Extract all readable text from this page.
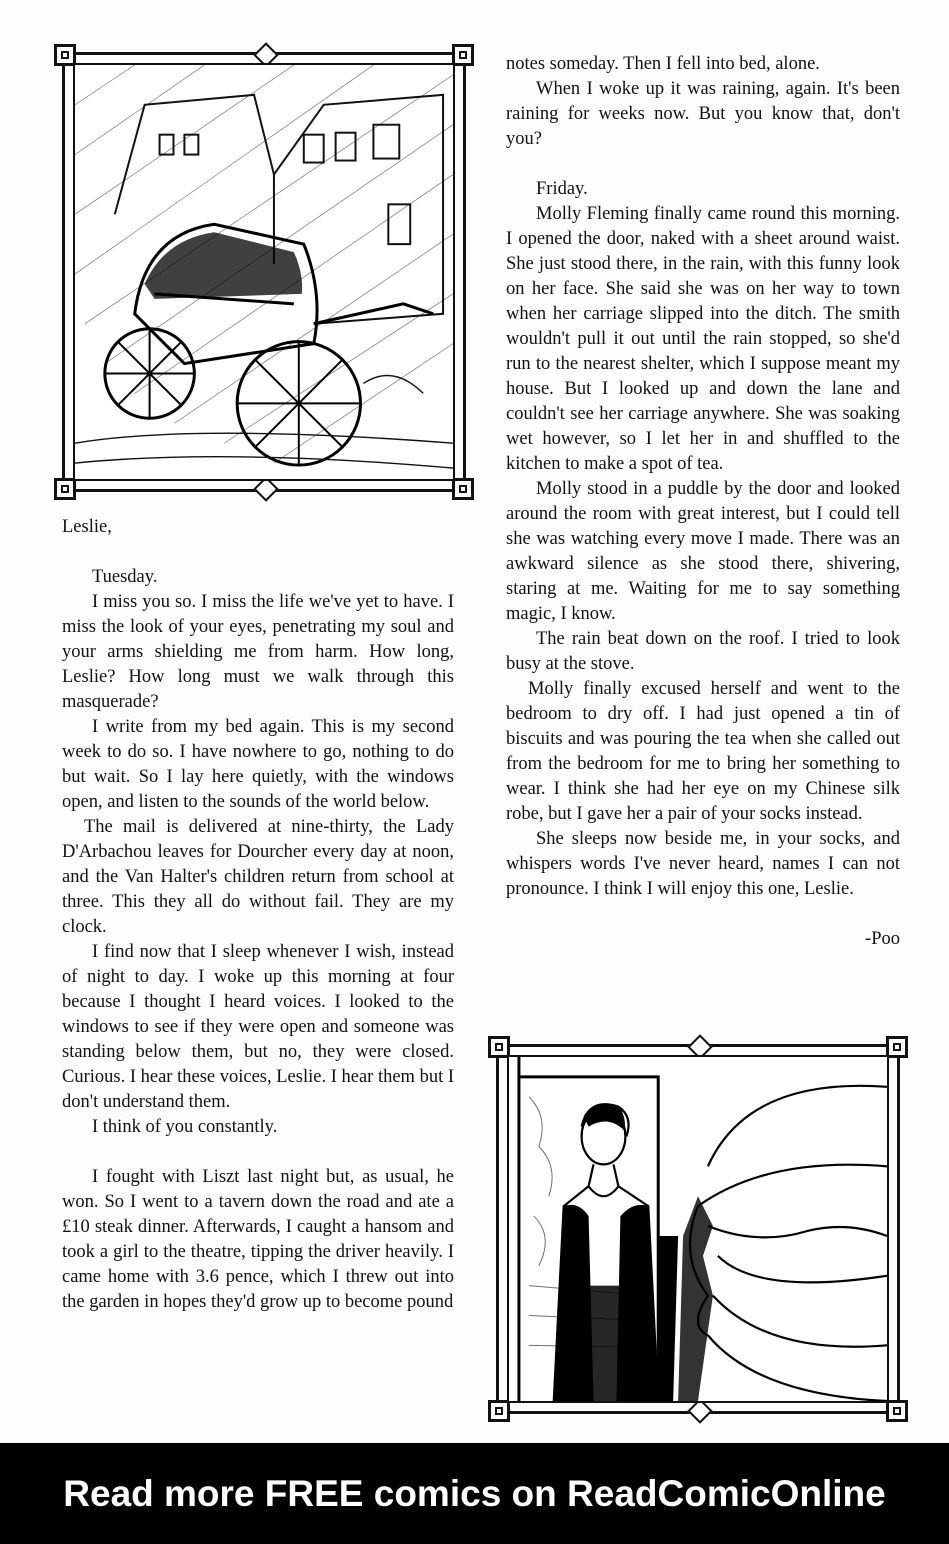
Leslie,

Tuesday.

I miss you so. I miss the life we've yet to have. I miss the look of your eyes, penetrating my soul and your arms shielding me from harm. How long, Leslie? How long must we walk through this masquerade?

I write from my bed again. This is my second week to do so. I have nowhere to go, nothing to do but wait. So I lay here quietly, with the windows open, and listen to the sounds of the world below.

The mail is delivered at nine-thirty, the Lady D'Arbachou leaves for Dourcher every day at noon, and the Van Halter's children return from school at three. This they all do without fail. They are my clock.

I find now that I sleep whenever I wish, instead of night to day. I woke up this morning at four because I thought I heard voices. I looked to the windows to see if they were open and someone was standing below them, but no, they were closed. Curious. I hear these voices, Leslie. I hear them but I don't understand them.

I think of you constantly.

I fought with Liszt last night but, as usual, he won. So I went to a tavern down the road and ate a £10 steak dinner. Afterwards, I caught a hansom and took a girl to the theatre, tipping the driver heavily. I came home with 3.6 pence, which I threw out into the garden in hopes they'd grow up to become pound

notes someday. Then I fell into bed, alone.

When I woke up it was raining, again. It's been raining for weeks now. But you know that, don't you?

Friday.

Molly Fleming finally came round this morning. I opened the door, naked with a sheet around waist. She just stood there, in the rain, with this funny look on her face. She said she was on her way to town when her carriage slipped into the ditch. The smith wouldn't pull it out until the rain stopped, so she'd run to the nearest shelter, which I suppose meant my house. But I looked up and down the lane and couldn't see her carriage anywhere. She was soaking wet however, so I let her in and shuffled to the kitchen to make a spot of tea.

Molly stood in a puddle by the door and looked around the room with great interest, but I could tell she was watching every move I made. There was an awkward silence as she stood there, shivering, staring at me. Waiting for me to say something magic, I know.

The rain beat down on the roof. I tried to look busy at the stove.

Molly finally excused herself and went to the bedroom to dry off. I had just opened a tin of biscuits and was pouring the tea when she called out from the bedroom for me to bring her something to wear. I think she had her eye on my Chinese silk robe, but I gave her a pair of your socks instead.

She sleeps now beside me, in your socks, and whispers words I've never heard, names I can not pronounce. I think I will enjoy this one, Leslie.

-Poo

Read more FREE comics on ReadComicOnline
